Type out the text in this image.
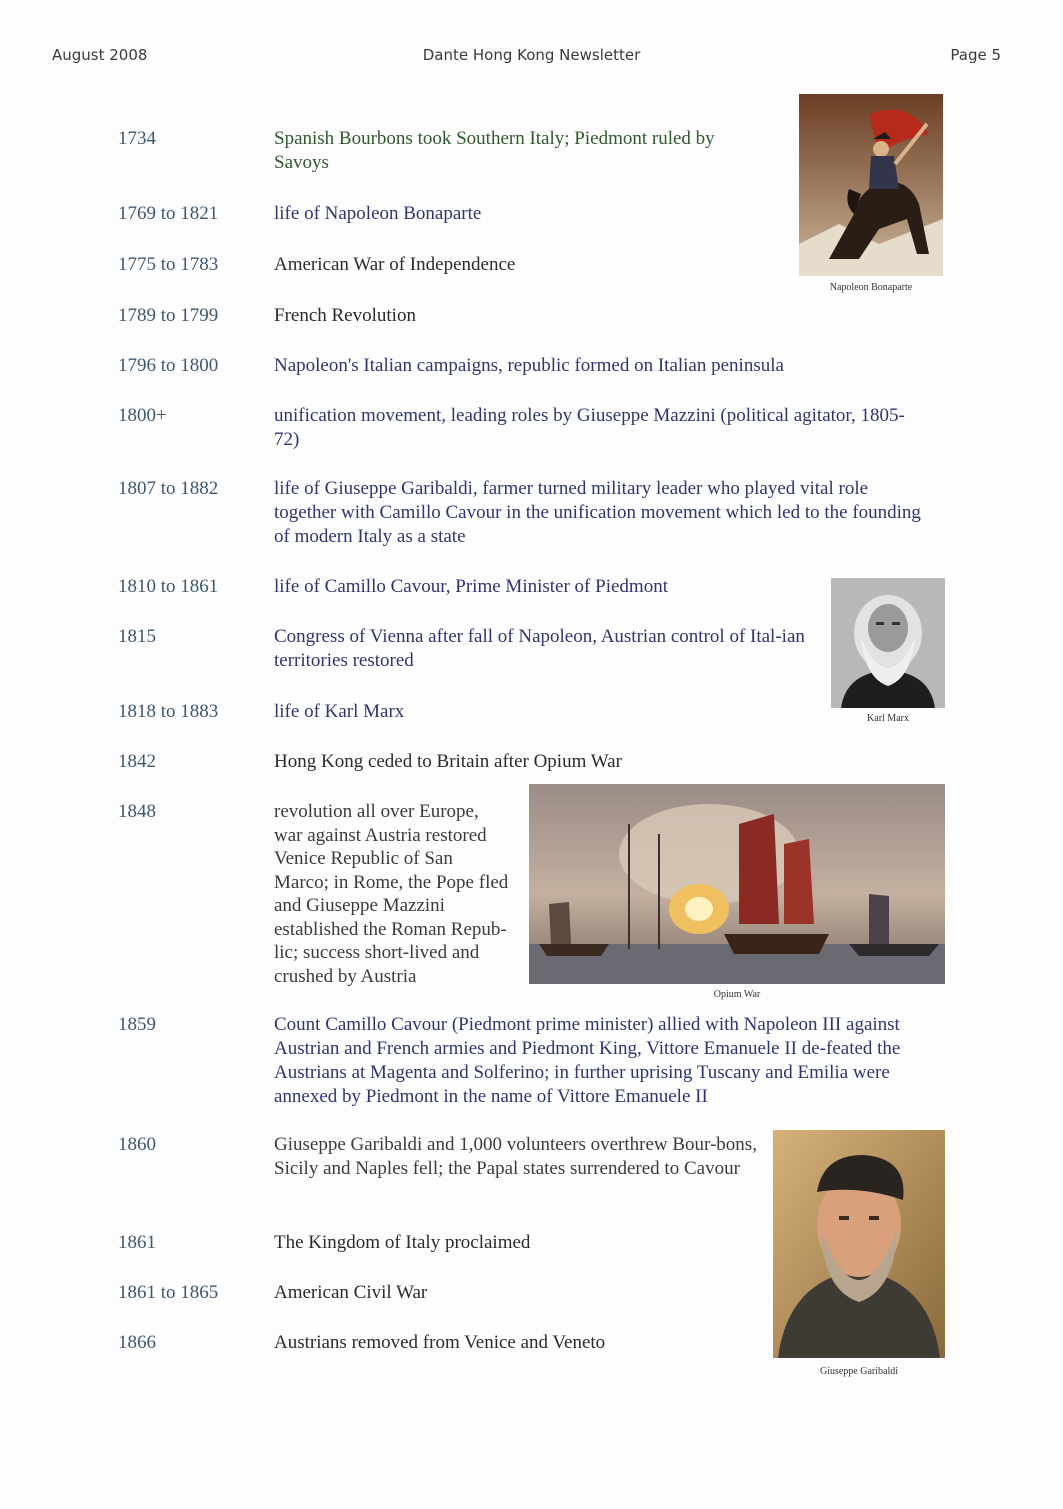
August 2008	Dante Hong Kong Newsletter	Page 5
1734	Spanish Bourbons took Southern Italy; Piedmont ruled by Savoys
1769 to 1821	life of Napoleon Bonaparte
1775 to 1783	American War of Independence
1789 to 1799	French Revolution
1796 to 1800	Napoleon's Italian campaigns, republic formed on Italian peninsula
1800+	unification movement, leading roles by Giuseppe Mazzini (political agitator, 1805-72)
1807 to 1882	life of Giuseppe Garibaldi, farmer turned military leader who played vital role together with Camillo Cavour in the unification movement which led to the founding of modern Italy as a state
1810 to 1861	life of Camillo Cavour, Prime Minister of Piedmont
1815	Congress of Vienna after fall of Napoleon, Austrian control of Ital-ian territories restored
1818 to 1883	life of Karl Marx
1842	Hong Kong ceded to Britain after Opium War
1848	revolution all over Europe, war against Austria restored Venice Republic of San Marco; in Rome, the Pope fled and Giuseppe Mazzini established the Roman Repub-lic; success short-lived and crushed by Austria
1859	Count Camillo Cavour (Piedmont prime minister) allied with Napoleon III against Austrian and French armies and Piedmont King, Vittore Emanuele II de-feated the Austrians at Magenta and Solferino; in further uprising Tuscany and Emilia were annexed by Piedmont in the name of Vittore Emanuele II
1860	Giuseppe Garibaldi and 1,000 volunteers overthrew Bour-bons, Sicily and Naples fell; the Papal states surrendered to Cavour
1861	The Kingdom of Italy proclaimed
1861 to 1865	American Civil War
1866	Austrians removed from Venice and Veneto
Napoleon Bonaparte
Karl Marx
Opium War
Giuseppe Garibaldi
